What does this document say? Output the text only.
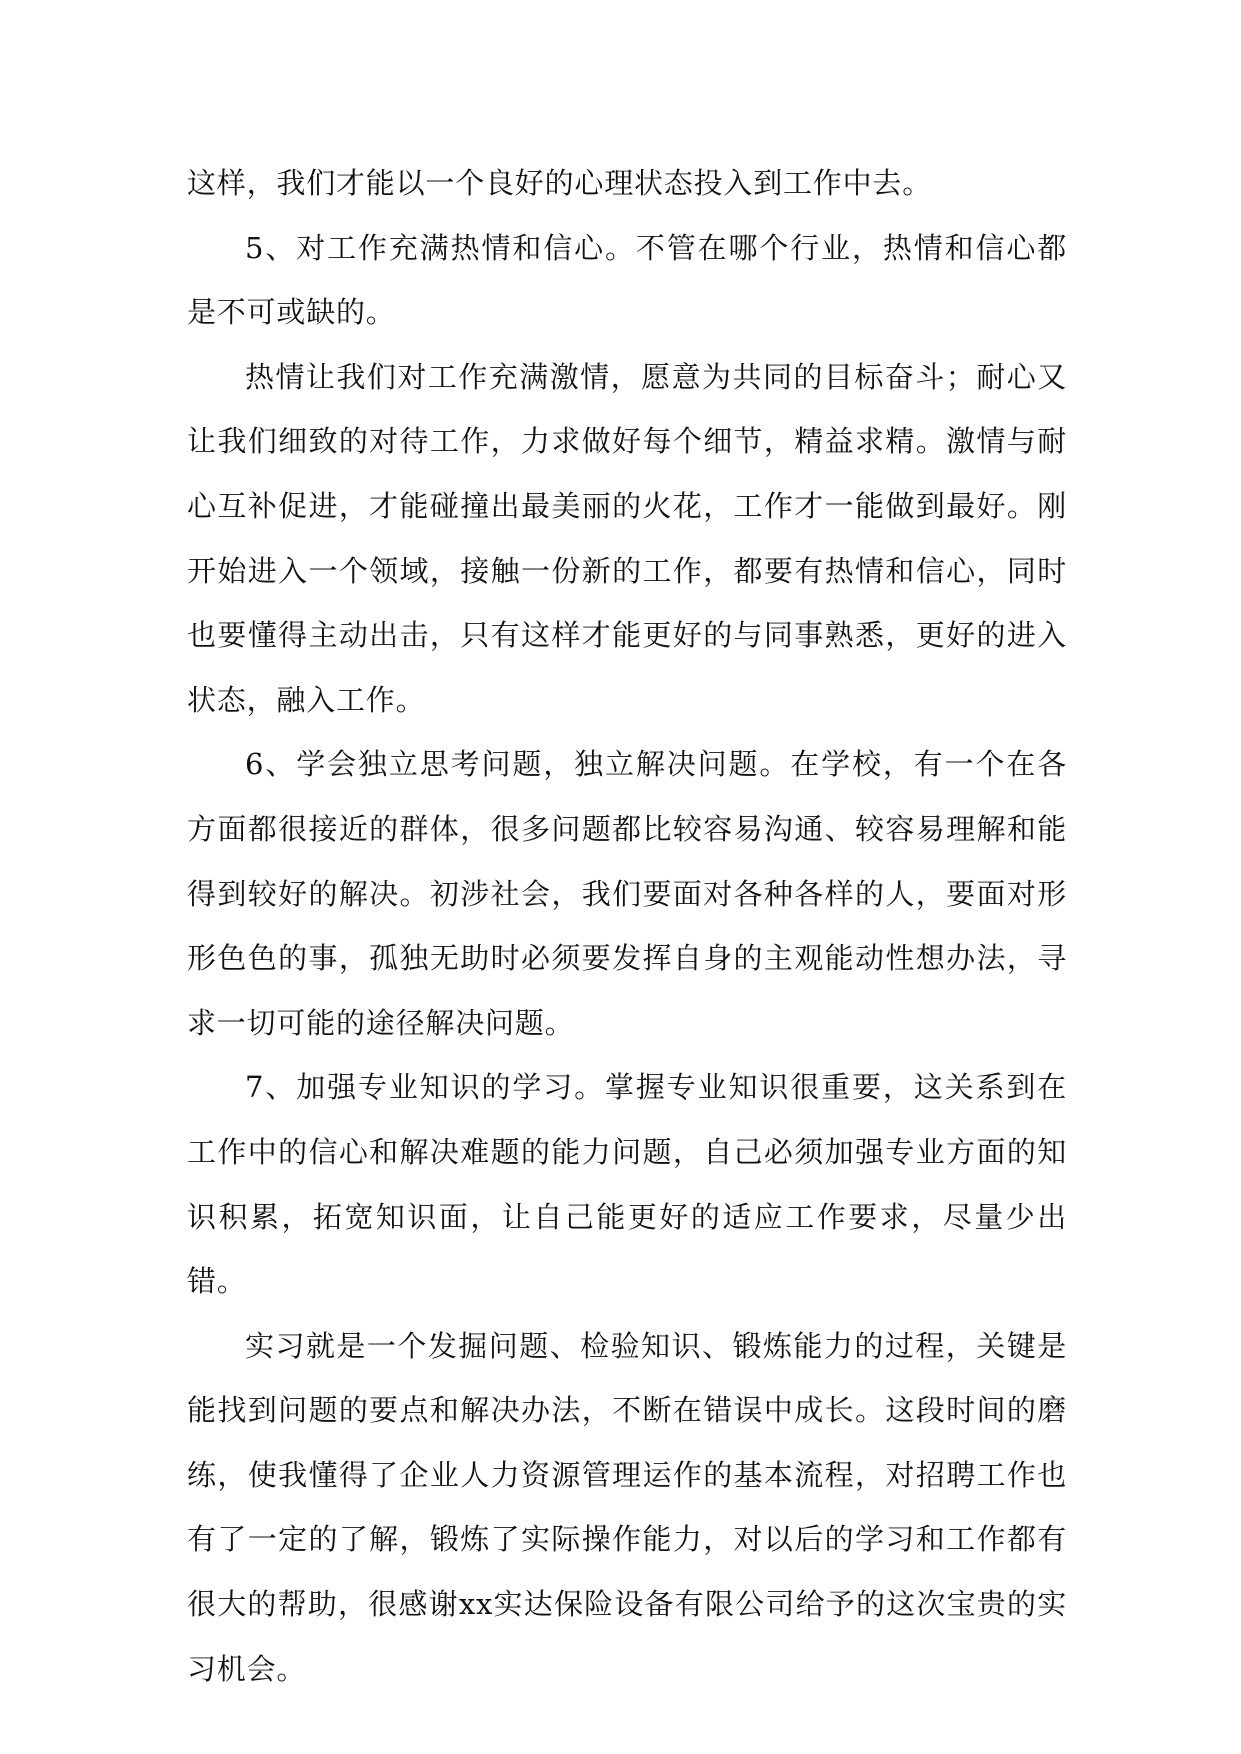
这样，我们才能以一个良好的心理状态投入到工作中去。

5、对工作充满热情和信心。不管在哪个行业，热情和信心都是不可或缺的。

热情让我们对工作充满激情，愿意为共同的目标奋斗；耐心又让我们细致的对待工作，力求做好每个细节，精益求精。激情与耐心互补促进，才能碰撞出最美丽的火花，工作才一能做到最好。刚开始进入一个领域，接触一份新的工作，都要有热情和信心，同时也要懂得主动出击，只有这样才能更好的与同事熟悉，更好的进入状态，融入工作。

6、学会独立思考问题，独立解决问题。在学校，有一个在各方面都很接近的群体，很多问题都比较容易沟通、较容易理解和能得到较好的解决。初涉社会，我们要面对各种各样的人，要面对形形色色的事，孤独无助时必须要发挥自身的主观能动性想办法，寻求一切可能的途径解决问题。

7、加强专业知识的学习。掌握专业知识很重要，这关系到在工作中的信心和解决难题的能力问题，自己必须加强专业方面的知识积累，拓宽知识面，让自己能更好的适应工作要求，尽量少出错。

实习就是一个发掘问题、检验知识、锻炼能力的过程，关键是能找到问题的要点和解决办法，不断在错误中成长。这段时间的磨练，使我懂得了企业人力资源管理运作的基本流程，对招聘工作也有了一定的了解，锻炼了实际操作能力，对以后的学习和工作都有很大的帮助，很感谢xx实达保险设备有限公司给予的这次宝贵的实习机会。
